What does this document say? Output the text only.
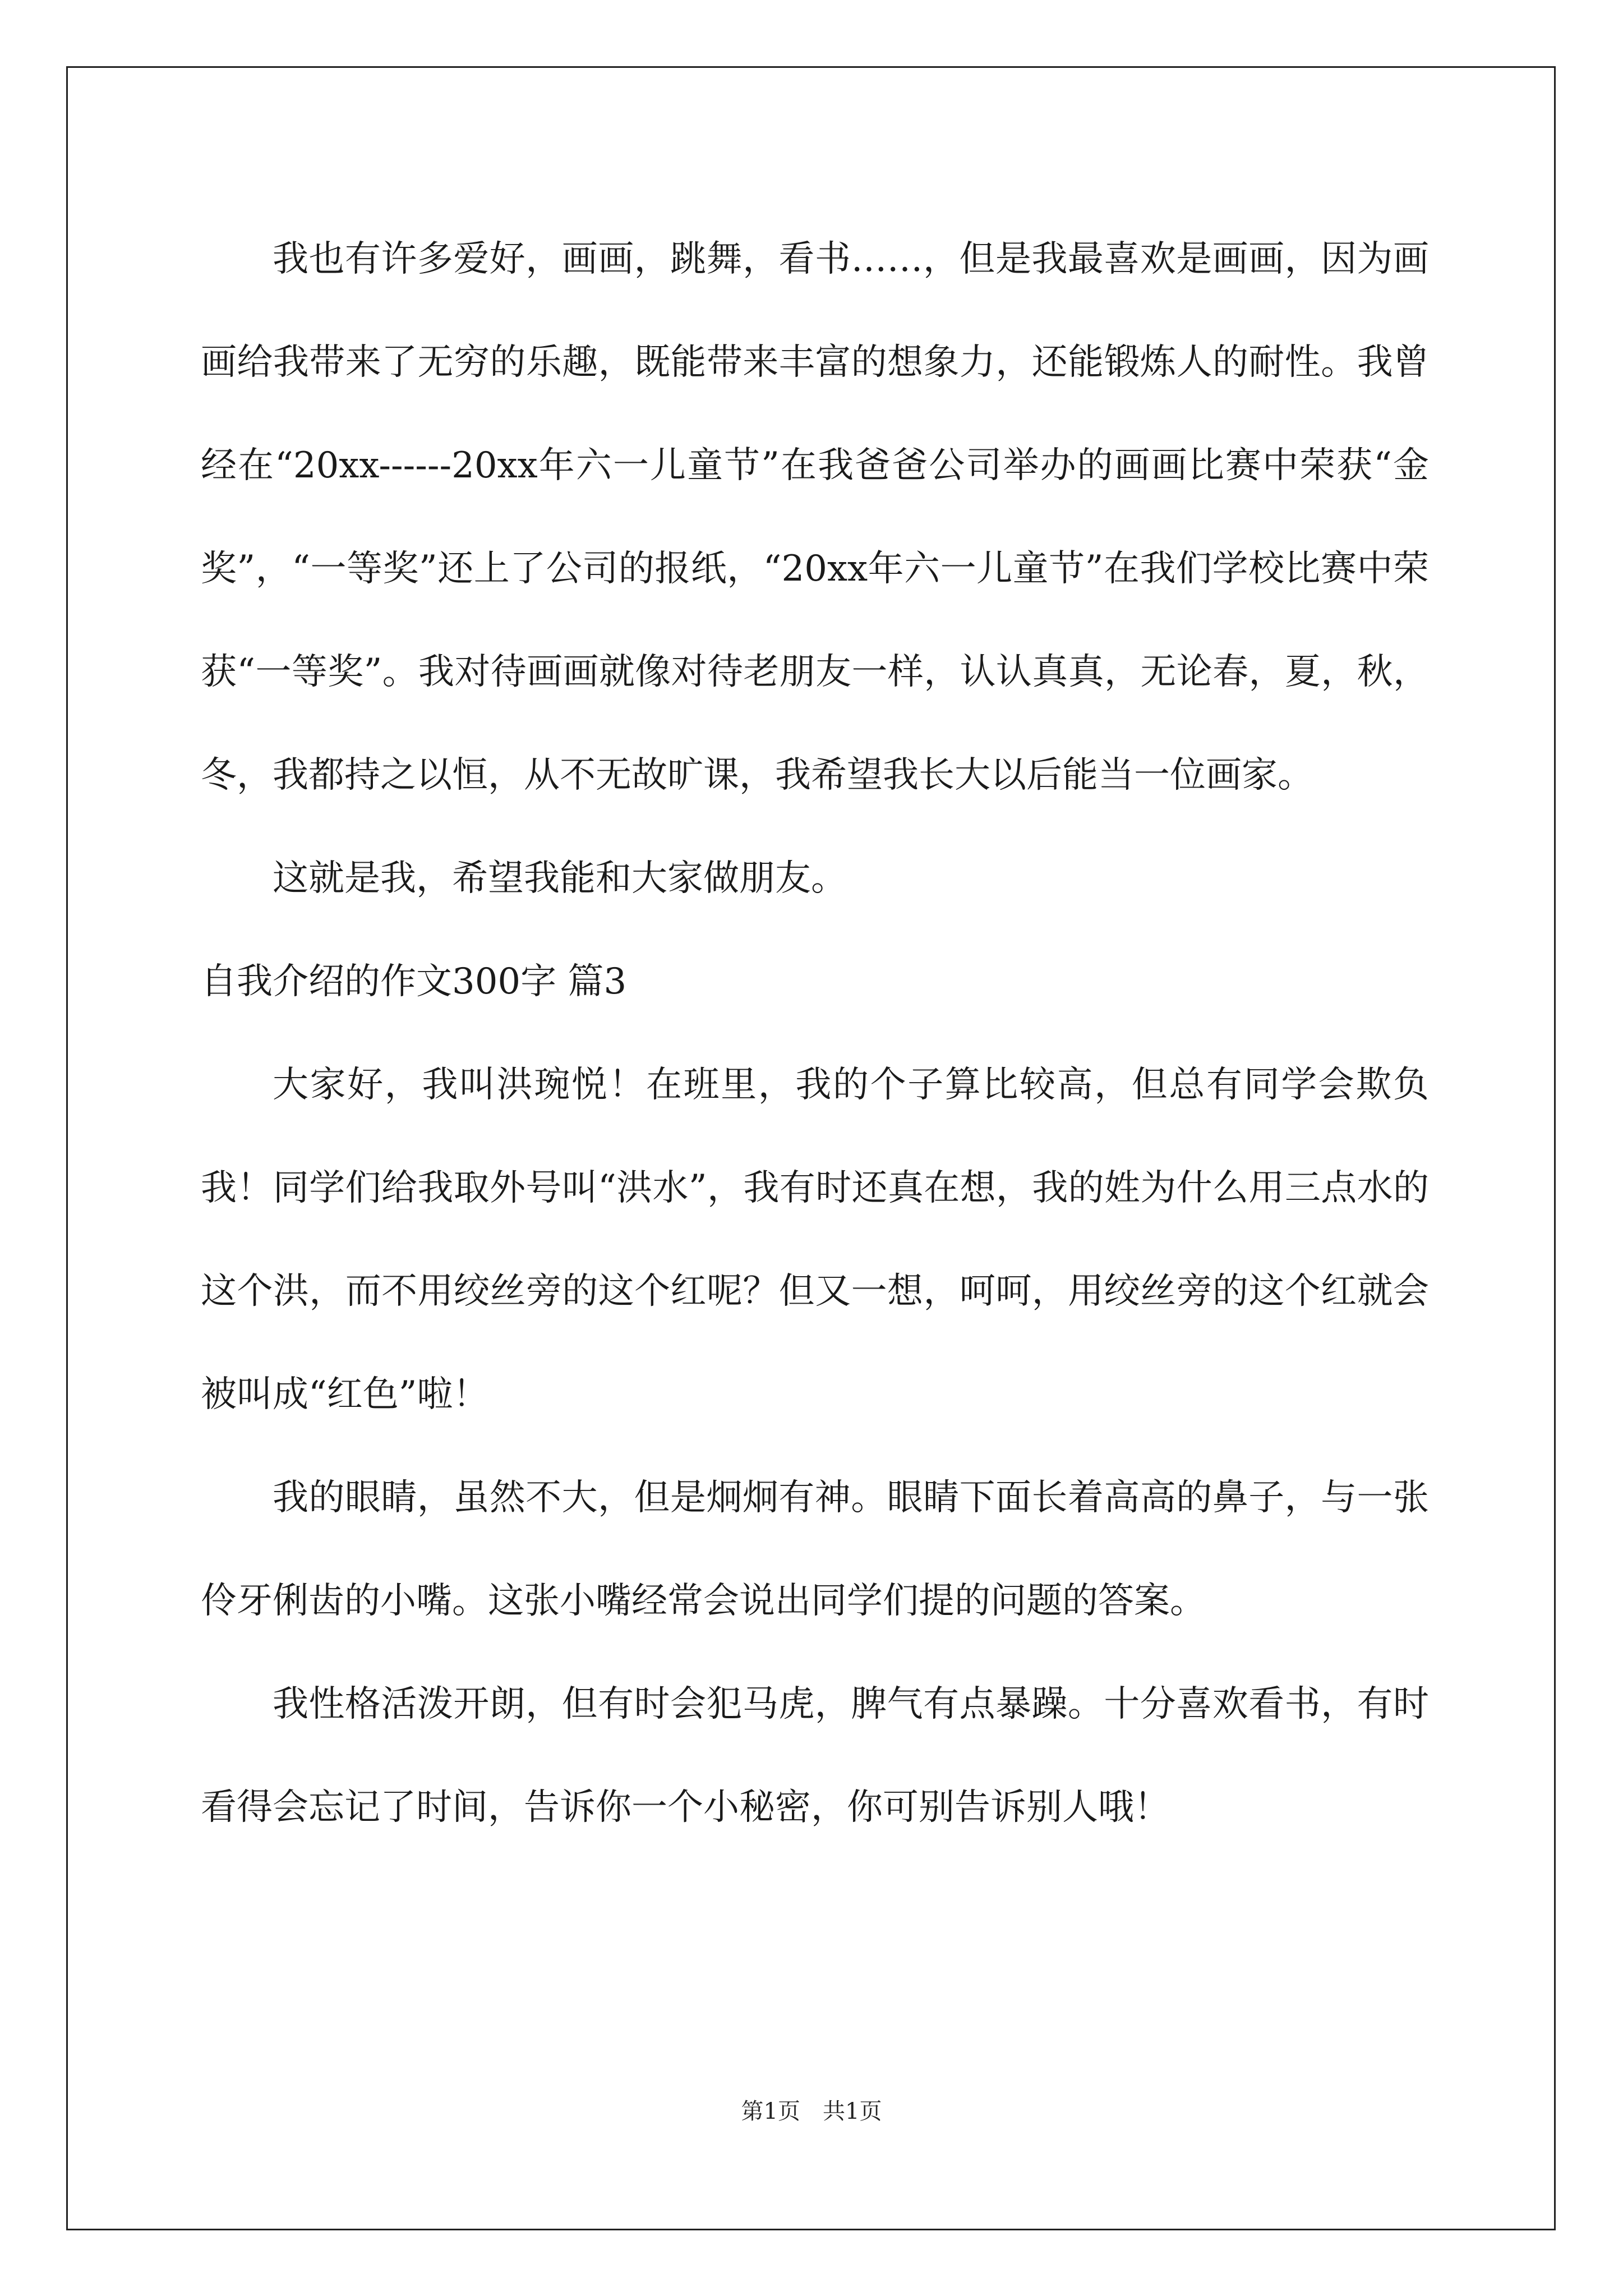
我也有许多爱好，画画，跳舞，看书……，但是我最喜欢是画画，因为画画给我带来了无穷的乐趣，既能带来丰富的想象力，还能锻炼人的耐性。我曾经在“20xx------20xx年六一儿童节”在我爸爸公司举办的画画比赛中荣获“金奖”，“一等奖”还上了公司的报纸，“20xx年六一儿童节”在我们学校比赛中荣获“一等奖”。我对待画画就像对待老朋友一样，认认真真，无论春，夏，秋，冬，我都持之以恒，从不无故旷课，我希望我长大以后能当一位画家。

这就是我，希望我能和大家做朋友。

自我介绍的作文300字 篇3

大家好，我叫洪琬悦！在班里，我的个子算比较高，但总有同学会欺负我！同学们给我取外号叫“洪水”，我有时还真在想，我的姓为什么用三点水的这个洪，而不用绞丝旁的这个红呢？但又一想，呵呵，用绞丝旁的这个红就会被叫成“红色”啦！

我的眼睛，虽然不大，但是炯炯有神。眼睛下面长着高高的鼻子，与一张伶牙俐齿的小嘴。这张小嘴经常会说出同学们提的问题的答案。

我性格活泼开朗，但有时会犯马虎，脾气有点暴躁。十分喜欢看书，有时看得会忘记了时间，告诉你一个小秘密，你可别告诉别人哦！

第1页　共1页
